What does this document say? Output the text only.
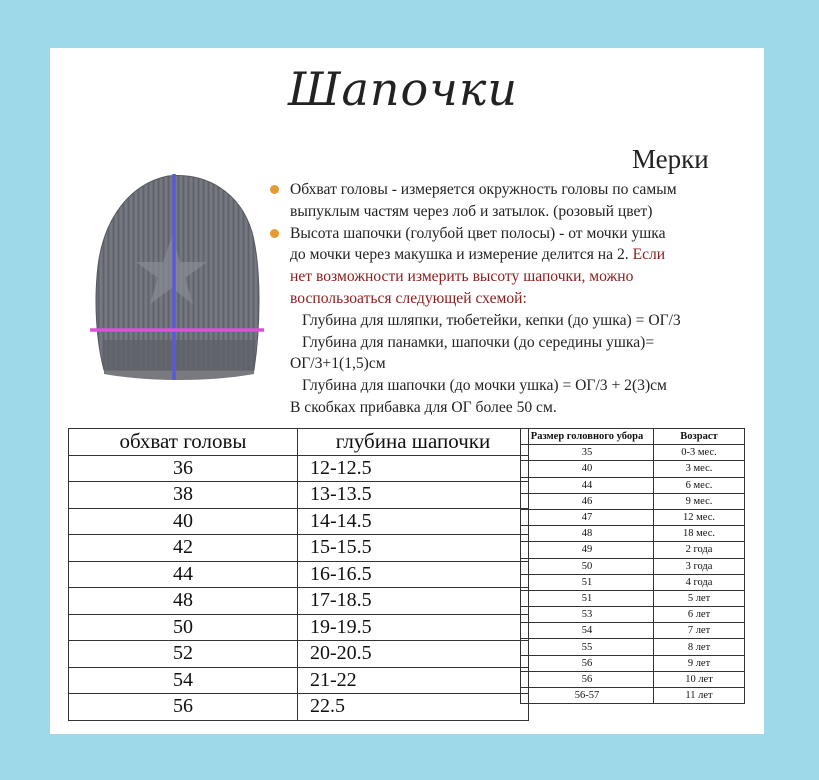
Шапочки
Мерки
Обхват головы - измеряется окружность головы по самым
выпуклым частям через лоб и затылок. (розовый цвет)
Высота шапочки (голубой цвет полосы) - от мочки ушка
до мочки через макушка и измерение делится на 2. Если
нет возможности измерить высоту шапочки, можно
воспользоаться следующей схемой:
Глубина для шляпки, тюбетейки, кепки (до ушка) = ОГ/3
Глубина для панамки, шапочки (до середины ушка)=
ОГ/3+1(1,5)см
Глубина для шапочки (до мочки ушка) = ОГ/3 + 2(3)см
В скобках прибавка для ОГ более 50 см.
обхват головы	глубина шапочки
36	12-12.5
38	13-13.5
40	14-14.5
42	15-15.5
44	16-16.5
48	17-18.5
50	19-19.5
52	20-20.5
54	21-22
56	22.5
Размер головного убора	Возраст
35	0-3 мес.
40	3 мес.
44	6 мес.
46	9 мес.
47	12 мес.
48	18 мес.
49	2 года
50	3 года
51	4 года
51	5 лет
53	6 лет
54	7 лет
55	8 лет
56	9 лет
56	10 лет
56-57	11 лет
